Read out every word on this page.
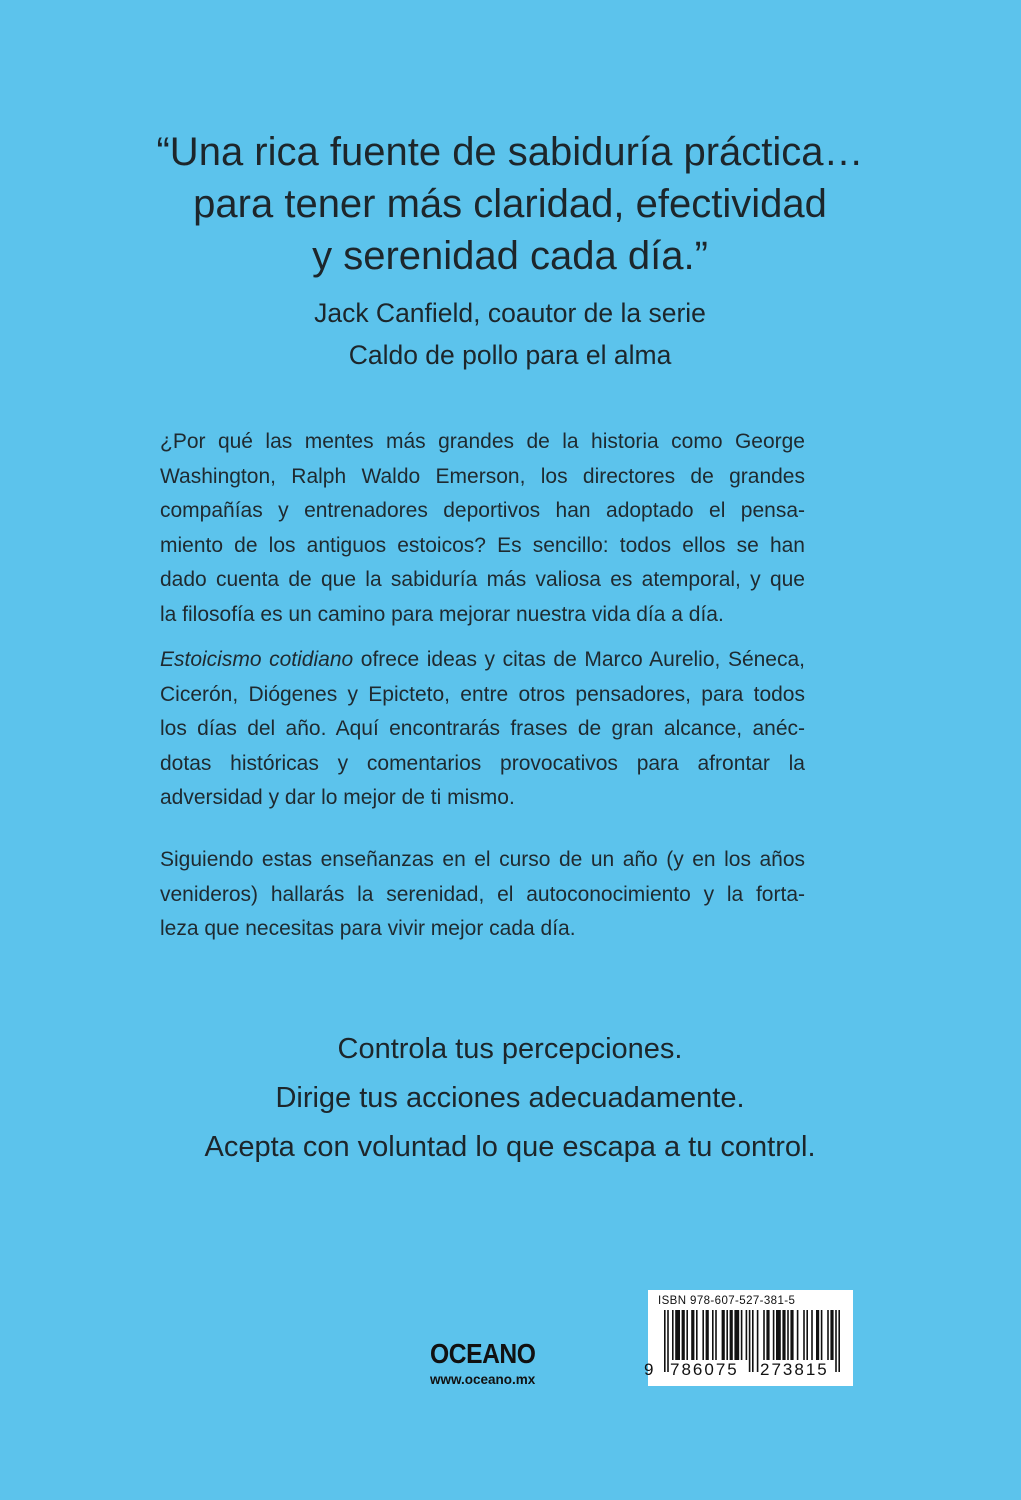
“Una rica fuente de sabiduría práctica…
para tener más claridad, efectividad
y serenidad cada día.”
Jack Canfield, coautor de la serie
Caldo de pollo para el alma
¿Por qué las mentes más grandes de la historia como George
Washington, Ralph Waldo Emerson, los directores de grandes
compañías y entrenadores deportivos han adoptado el pensa-
miento de los antiguos estoicos? Es sencillo: todos ellos se han
dado cuenta de que la sabiduría más valiosa es atemporal, y que
la filosofía es un camino para mejorar nuestra vida día a día.
Estoicismo cotidiano ofrece ideas y citas de Marco Aurelio, Séneca,
Cicerón, Diógenes y Epicteto, entre otros pensadores, para todos
los días del año. Aquí encontrarás frases de gran alcance, anéc-
dotas históricas y comentarios provocativos para afrontar la
adversidad y dar lo mejor de ti mismo.
Siguiendo estas enseñanzas en el curso de un año (y en los años
venideros) hallarás la serenidad, el autoconocimiento y la forta-
leza que necesitas para vivir mejor cada día.
Controla tus percepciones.
Dirige tus acciones adecuadamente.
Acepta con voluntad lo que escapa a tu control.
OCEANO
www.oceano.mx
ISBN 978-607-527-381-5
9 786075 273815
